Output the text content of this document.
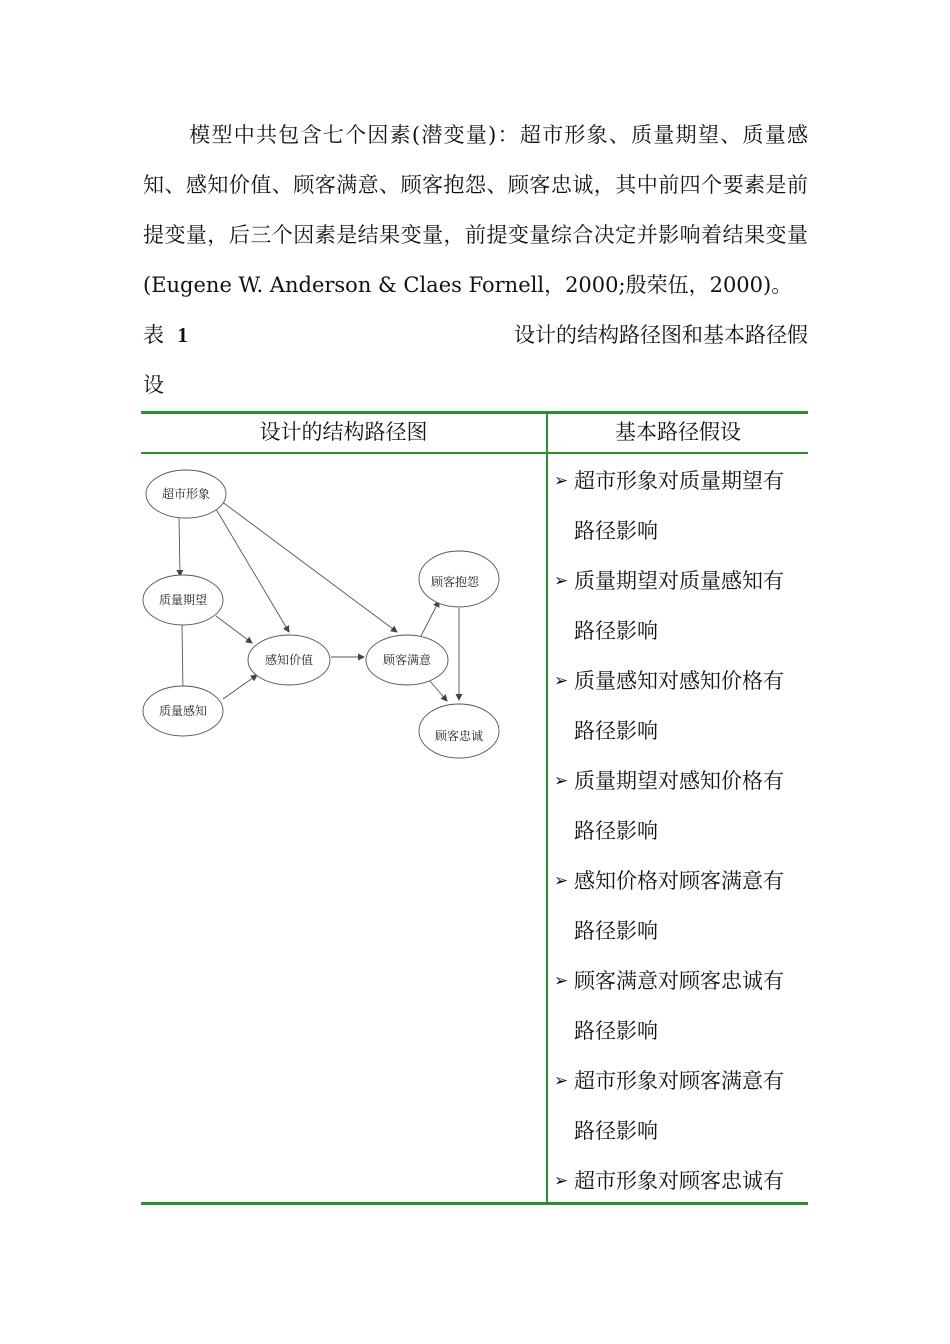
模型中共包含七个因素(潜变量)：超市形象、质量期望、质量感知、感知价值、顾客满意、顾客抱怨、顾客忠诚，其中前四个要素是前提变量，后三个因素是结果变量，前提变量综合决定并影响着结果变量(Eugene W. Anderson & Claes Fornell，2000;殷荣伍，2000)。

表 1	设计的结构路径图和基本路径假
设
设计的结构路径图	基本路径假设
超市形象
质量期望
质量感知
感知价值	顾客满意
顾客抱怨
顾客忠诚
➢ 超市形象对质量期望有
路径影响
➢ 质量期望对质量感知有
路径影响
➢ 质量感知对感知价格有
路径影响
➢ 质量期望对感知价格有
路径影响
➢ 感知价格对顾客满意有
路径影响
➢ 顾客满意对顾客忠诚有
路径影响
➢ 超市形象对顾客满意有
路径影响
➢ 超市形象对顾客忠诚有
